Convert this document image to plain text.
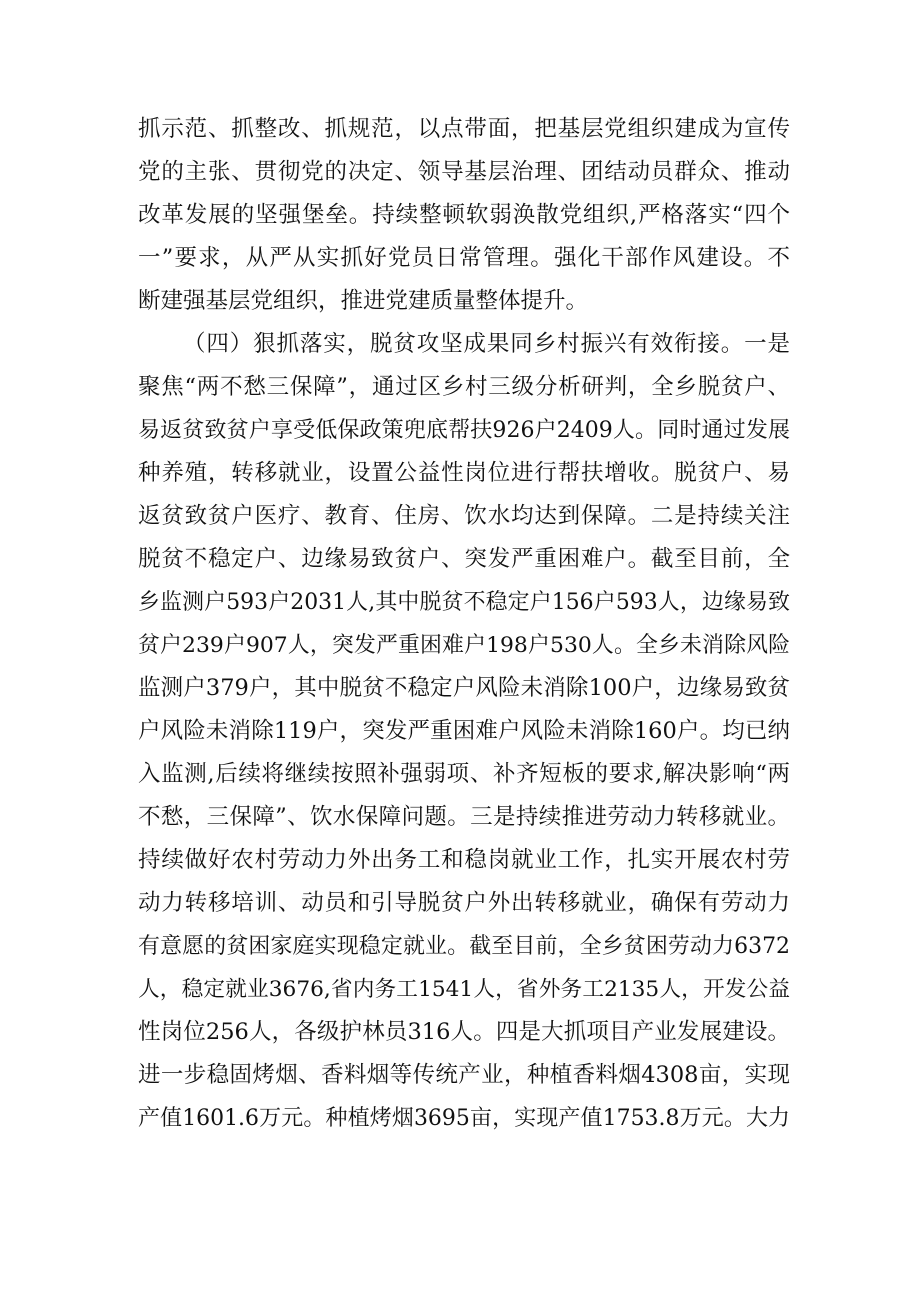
抓示范、抓整改、抓规范，以点带面，把基层党组织建成为宣传
党的主张、贯彻党的决定、领导基层治理、团结动员群众、推动
改革发展的坚强堡垒。持续整顿软弱涣散党组织,严格落实“四个
一”要求，从严从实抓好党员日常管理。强化干部作风建设。不
断建强基层党组织，推进党建质量整体提升。
（四）狠抓落实，脱贫攻坚成果同乡村振兴有效衔接。一是
聚焦“两不愁三保障”，通过区乡村三级分析研判，全乡脱贫户、
易返贫致贫户享受低保政策兜底帮扶926户2409人。同时通过发展
种养殖，转移就业，设置公益性岗位进行帮扶增收。脱贫户、易
返贫致贫户医疗、教育、住房、饮水均达到保障。二是持续关注
脱贫不稳定户、边缘易致贫户、突发严重困难户。截至目前，全
乡监测户593户2031人,其中脱贫不稳定户156户593人，边缘易致
贫户239户907人，突发严重困难户198户530人。全乡未消除风险
监测户379户，其中脱贫不稳定户风险未消除100户，边缘易致贫
户风险未消除119户，突发严重困难户风险未消除160户。均已纳
入监测,后续将继续按照补强弱项、补齐短板的要求,解决影响“两
不愁，三保障”、饮水保障问题。三是持续推进劳动力转移就业。
持续做好农村劳动力外出务工和稳岗就业工作，扎实开展农村劳
动力转移培训、动员和引导脱贫户外出转移就业，确保有劳动力
有意愿的贫困家庭实现稳定就业。截至目前，全乡贫困劳动力6372
人，稳定就业3676,省内务工1541人，省外务工2135人，开发公益
性岗位256人，各级护林员316人。四是大抓项目产业发展建设。
进一步稳固烤烟、香料烟等传统产业，种植香料烟4308亩，实现
产值1601.6万元。种植烤烟3695亩，实现产值1753.8万元。大力
